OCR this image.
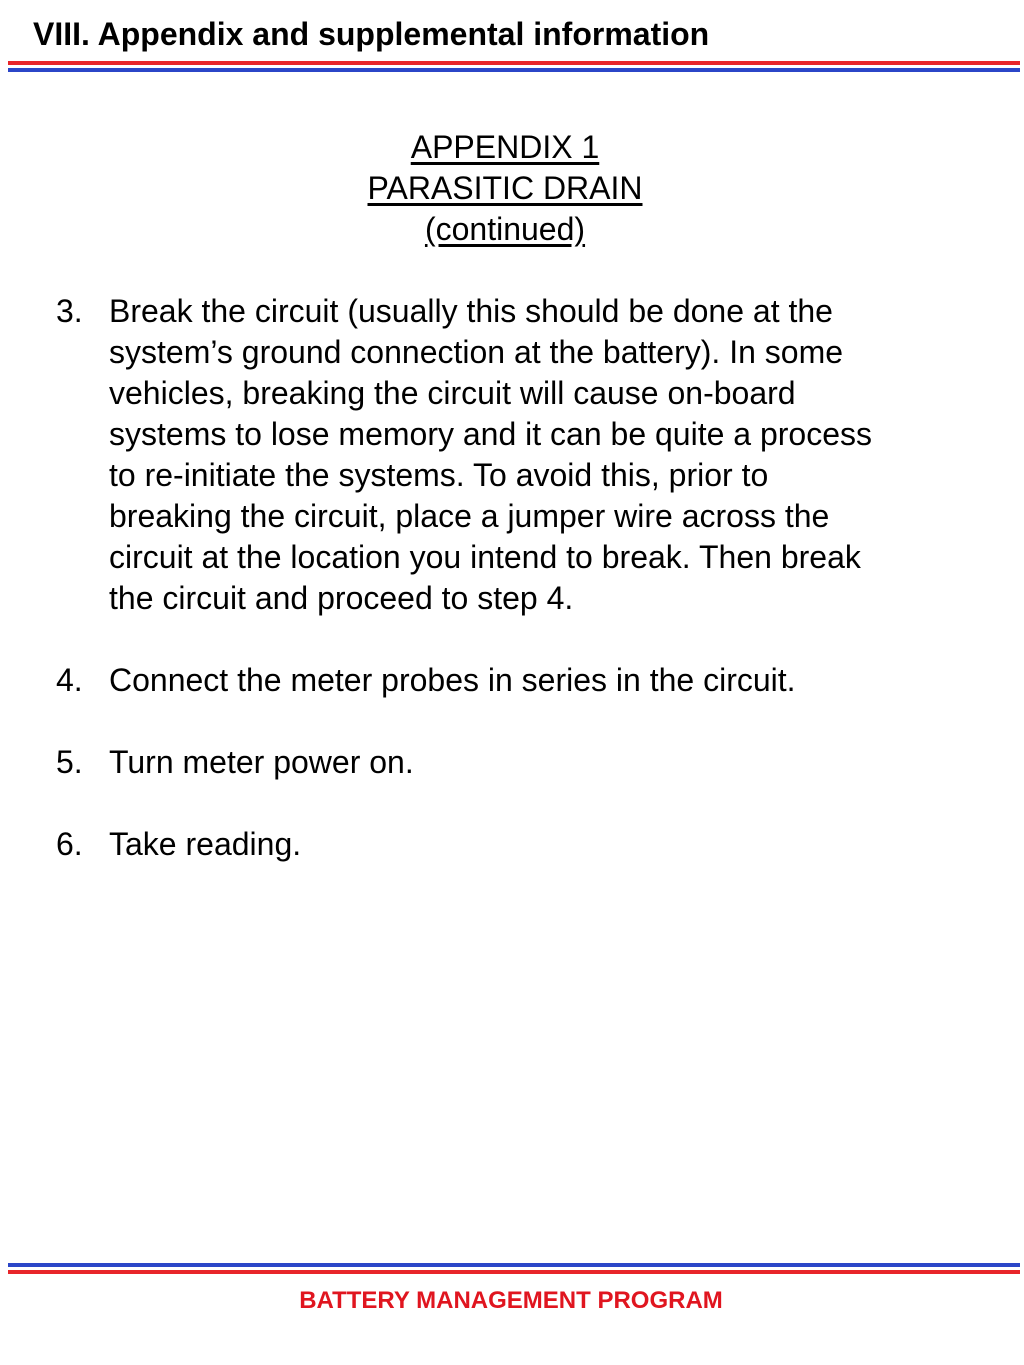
VIII. Appendix and supplemental information
APPENDIX 1
PARASITIC DRAIN
(continued)
3. Break the circuit (usually this should be done at the
system’s ground connection at the battery). In some
vehicles, breaking the circuit will cause on-board
systems to lose memory and it can be quite a process
to re-initiate the systems. To avoid this, prior to
breaking the circuit, place a jumper wire across the
circuit at the location you intend to break. Then break
the circuit and proceed to step 4.
4. Connect the meter probes in series in the circuit.
5. Turn meter power on.
6. Take reading.
BATTERY MANAGEMENT PROGRAM
